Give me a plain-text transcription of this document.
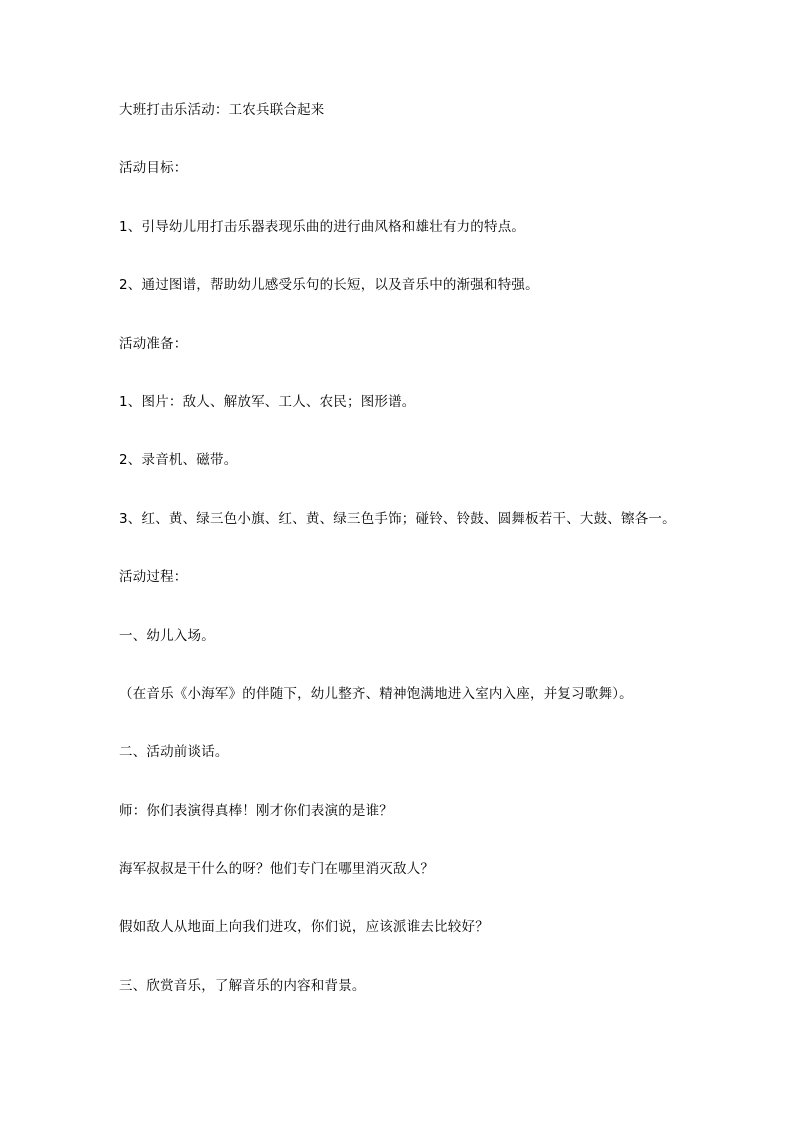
大班打击乐活动：工农兵联合起来

活动目标：

1、引导幼儿用打击乐器表现乐曲的进行曲风格和雄壮有力的特点。

2、通过图谱，帮助幼儿感受乐句的长短，以及音乐中的渐强和特强。

活动准备：

1、图片：敌人、解放军、工人、农民；图形谱。

2、录音机、磁带。

3、红、黄、绿三色小旗、红、黄、绿三色手饰；碰铃、铃鼓、圆舞板若干、大鼓、镲各一。

活动过程：

一、幼儿入场。

（在音乐《小海军》的伴随下，幼儿整齐、精神饱满地进入室内入座，并复习歌舞）。

二、活动前谈话。

师：你们表演得真棒！刚才你们表演的是谁？

海军叔叔是干什么的呀？他们专门在哪里消灭敌人？

假如敌人从地面上向我们进攻，你们说，应该派谁去比较好？

三、欣赏音乐，了解音乐的内容和背景。
